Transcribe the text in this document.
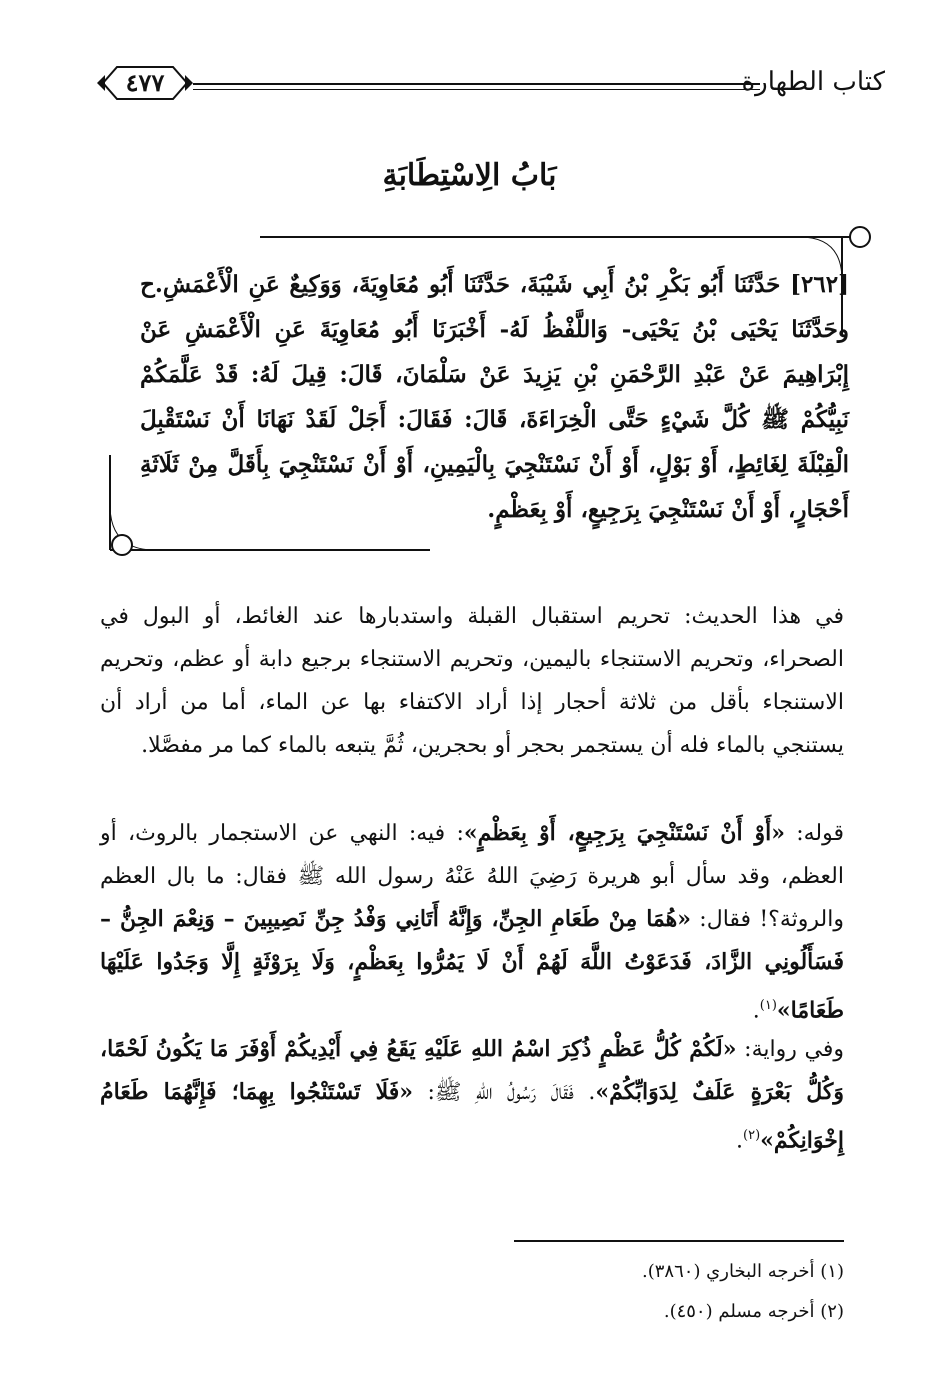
٤٧٧	كتاب الطهارة
بَابُ الِاسْتِطَابَةِ
[٢٦٢] حَدَّثَنَا أَبُو بَكْرِ بْنُ أَبِي شَيْبَةَ، حَدَّثَنَا أَبُو مُعَاوِيَةَ، وَوَكِيعٌ عَنِ الْأَعْمَشِ.ح وحَدَّثَنَا يَحْيَى بْنُ يَحْيَى- وَاللَّفْظُ لَهُ- أَخْبَرَنَا أَبُو مُعَاوِيَةَ عَنِ الْأَعْمَشِ عَنْ إِبْرَاهِيمَ عَنْ عَبْدِ الرَّحْمَنِ بْنِ يَزِيدَ عَنْ سَلْمَانَ، قَالَ: قِيلَ لَهُ: قَدْ عَلَّمَكُمْ نَبِيُّكُمْ ﷺ كُلَّ شَيْءٍ حَتَّى الْخِرَاءَةَ، قَالَ: فَقَالَ: أَجَلْ لَقَدْ نَهَانَا أَنْ نَسْتَقْبِلَ الْقِبْلَةَ لِغَائِطٍ، أَوْ بَوْلٍ، أَوْ أَنْ نَسْتَنْجِيَ بِالْيَمِينِ، أَوْ أَنْ نَسْتَنْجِيَ بِأَقَلَّ مِنْ ثَلَاثَةِ أَحْجَارٍ، أَوْ أَنْ نَسْتَنْجِيَ بِرَجِيعٍ، أَوْ بِعَظْمٍ.
في هذا الحديث: تحريم استقبال القبلة واستدبارها عند الغائط، أو البول في الصحراء، وتحريم الاستنجاء باليمين، وتحريم الاستنجاء برجيع دابة أو عظم، وتحريم الاستنجاء بأقل من ثلاثة أحجار إذا أراد الاكتفاء بها عن الماء، أما من أراد أن يستنجي بالماء فله أن يستجمر بحجر أو بحجرين، ثُمَّ يتبعه بالماء كما مر مفصَّلا.
قوله: «أَوْ أَنْ نَسْتَنْجِيَ بِرَجِيعٍ، أَوْ بِعَظْمٍ»: فيه: النهي عن الاستجمار بالروث، أو العظم، وقد سأل أبو هريرة رَضِيَ اللهُ عَنْهُ رسول الله ﷺ فقال: ما بال العظم والروثة؟! فقال: «هُمَا مِنْ طَعَامِ الجِنِّ، وَإِنَّهُ أَتَانِي وَفْدُ جِنِّ نَصِيبِينَ – وَنِعْمَ الجِنُّ – فَسَأَلُونِي الزَّادَ، فَدَعَوْتُ اللَّهَ لَهُمْ أَنْ لَا يَمُرُّوا بِعَظْمٍ، وَلَا بِرَوْثَةٍ إِلَّا وَجَدُوا عَلَيْهَا طَعَامًا»$^{(١)}$.
وفي رواية: «لَكُمْ كُلُّ عَظْمٍ ذُكِرَ اسْمُ اللهِ عَلَيْهِ يَقَعُ فِي أَيْدِيكُمْ أَوْفَرَ مَا يَكُونُ لَحْمًا، وَكُلُّ بَعْرَةٍ عَلَفٌ لِدَوَابِّكُمْ». فَقَالَ رَسُولُ اللهِ ﷺ: «فَلَا تَسْتَنْجُوا بِهِمَا؛ فَإِنَّهُمَا طَعَامُ إِخْوَانِكُمْ»$^{(٢)}$.
(١) أخرجه البخاري (٣٨٦٠).
(٢) أخرجه مسلم (٤٥٠).
